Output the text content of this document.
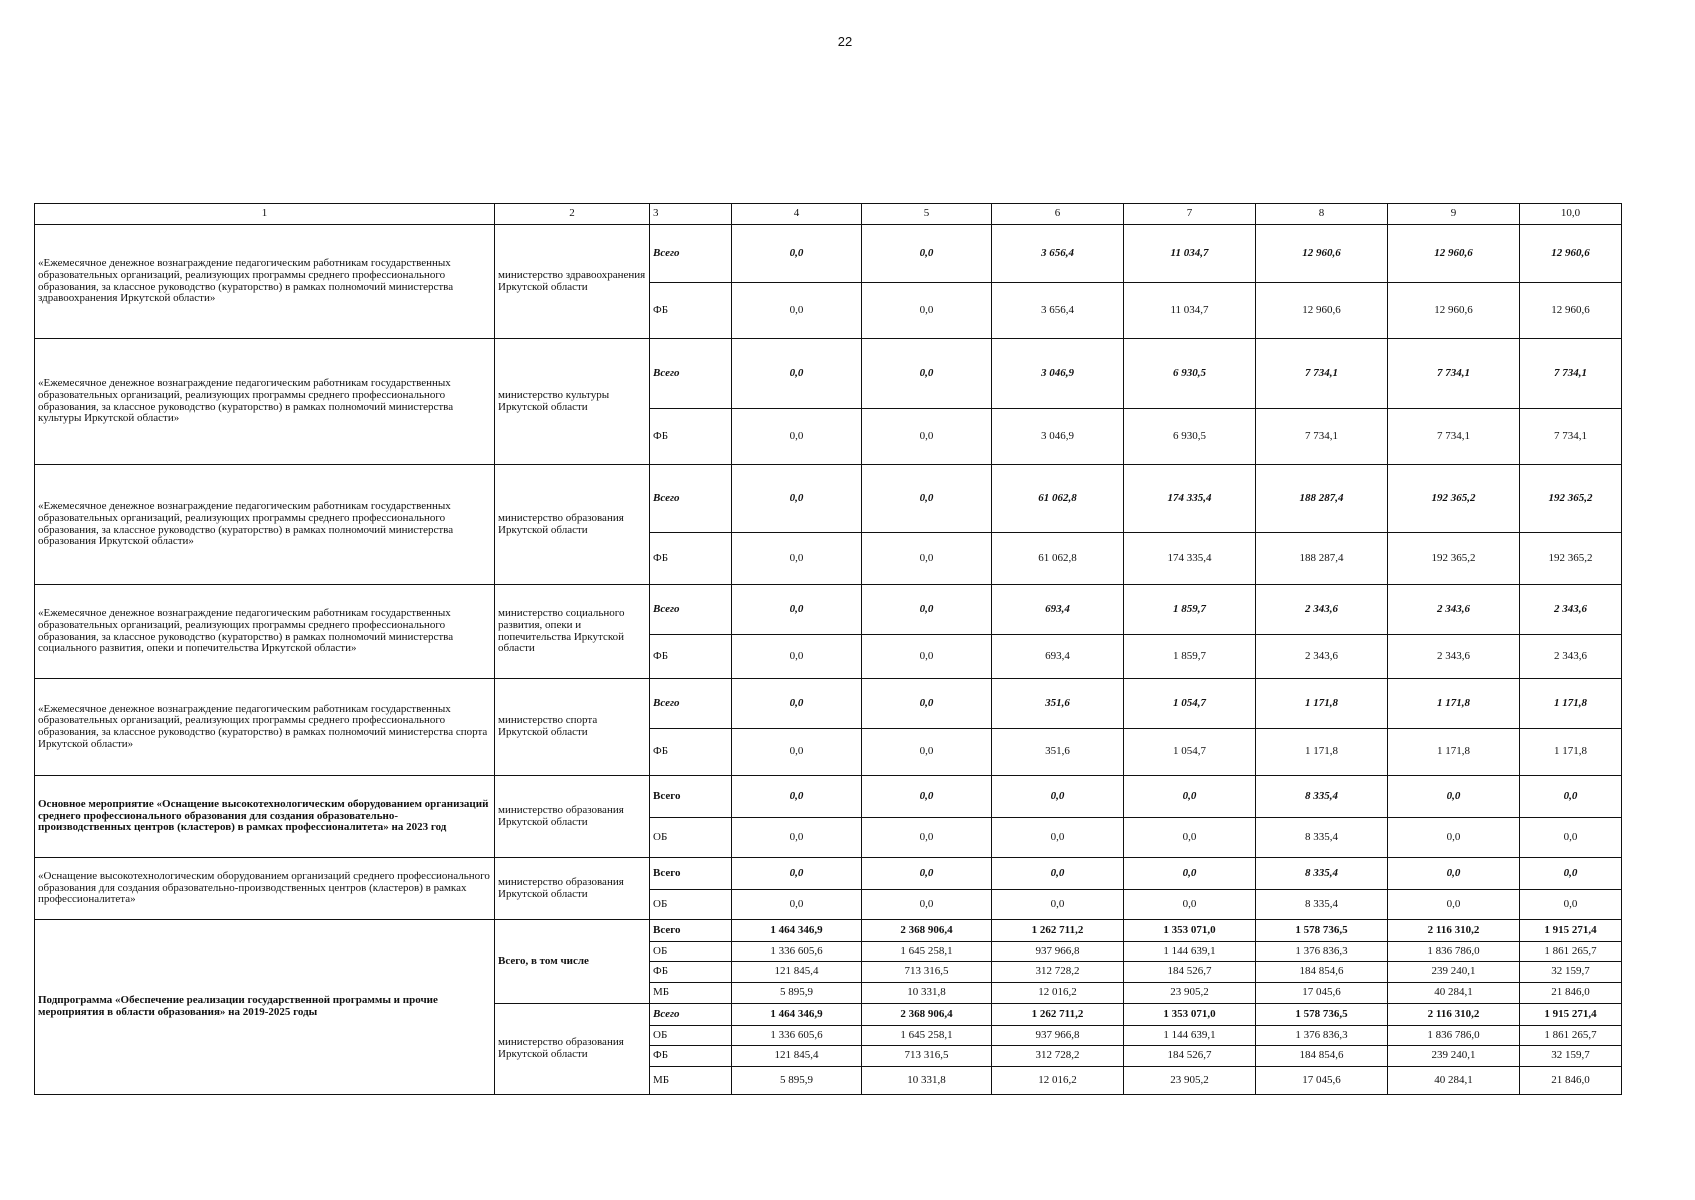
22
1	2	3	4	5	6	7	8	9	10,0
«Ежемесячное денежное вознаграждение педагогическим работникам государственных образовательных организаций, реализующих программы среднего профессионального образования, за классное руководство (кураторство) в рамках полномочий министерства здравоохранения Иркутской области»	министерство здравоохранения Иркутской области	Всего	0,0	0,0	3 656,4	11 034,7	12 960,6	12 960,6	12 960,6
		ФБ	0,0	0,0	3 656,4	11 034,7	12 960,6	12 960,6	12 960,6
«Ежемесячное денежное вознаграждение педагогическим работникам государственных образовательных организаций, реализующих программы среднего профессионального образования, за классное руководство (кураторство) в рамках полномочий министерства культуры Иркутской области»	министерство культуры Иркутской области	Всего	0,0	0,0	3 046,9	6 930,5	7 734,1	7 734,1	7 734,1
		ФБ	0,0	0,0	3 046,9	6 930,5	7 734,1	7 734,1	7 734,1
«Ежемесячное денежное вознаграждение педагогическим работникам государственных образовательных организаций, реализующих программы среднего профессионального образования, за классное руководство (кураторство) в рамках полномочий министерства образования Иркутской области»	министерство образования Иркутской области	Всего	0,0	0,0	61 062,8	174 335,4	188 287,4	192 365,2	192 365,2
		ФБ	0,0	0,0	61 062,8	174 335,4	188 287,4	192 365,2	192 365,2
«Ежемесячное денежное вознаграждение педагогическим работникам государственных образовательных организаций, реализующих программы среднего профессионального образования, за классное руководство (кураторство) в рамках полномочий министерства социального развития, опеки и попечительства Иркутской области»	министерство социального развития, опеки и попечительства Иркутской области	Всего	0,0	0,0	693,4	1 859,7	2 343,6	2 343,6	2 343,6
		ФБ	0,0	0,0	693,4	1 859,7	2 343,6	2 343,6	2 343,6
«Ежемесячное денежное вознаграждение педагогическим работникам государственных образовательных организаций, реализующих программы среднего профессионального образования, за классное руководство (кураторство) в рамках полномочий министерства спорта Иркутской области»	министерство спорта Иркутской области	Всего	0,0	0,0	351,6	1 054,7	1 171,8	1 171,8	1 171,8
		ФБ	0,0	0,0	351,6	1 054,7	1 171,8	1 171,8	1 171,8
Основное мероприятие «Оснащение высокотехнологическим оборудованием организаций среднего профессионального образования для создания образовательно-производственных центров (кластеров) в рамках профессионалитета» на 2023 год	министерство образования Иркутской области	Всего	0,0	0,0	0,0	0,0	8 335,4	0,0	0,0
		ОБ	0,0	0,0	0,0	0,0	8 335,4	0,0	0,0
«Оснащение высокотехнологическим оборудованием организаций среднего профессионального образования для создания образовательно-производственных центров (кластеров) в рамках профессионалитета»	министерство образования Иркутской области	Всего	0,0	0,0	0,0	0,0	8 335,4	0,0	0,0
		ОБ	0,0	0,0	0,0	0,0	8 335,4	0,0	0,0
Подпрограмма «Обеспечение реализации государственной программы и прочие мероприятия в области образования» на 2019-2025 годы	Всего, в том числе	Всего	1 464 346,9	2 368 906,4	1 262 711,2	1 353 071,0	1 578 736,5	2 116 310,2	1 915 271,4
		ОБ	1 336 605,6	1 645 258,1	937 966,8	1 144 639,1	1 376 836,3	1 836 786,0	1 861 265,7
		ФБ	121 845,4	713 316,5	312 728,2	184 526,7	184 854,6	239 240,1	32 159,7
		МБ	5 895,9	10 331,8	12 016,2	23 905,2	17 045,6	40 284,1	21 846,0
	министерство образования Иркутской области	Всего	1 464 346,9	2 368 906,4	1 262 711,2	1 353 071,0	1 578 736,5	2 116 310,2	1 915 271,4
		ОБ	1 336 605,6	1 645 258,1	937 966,8	1 144 639,1	1 376 836,3	1 836 786,0	1 861 265,7
		ФБ	121 845,4	713 316,5	312 728,2	184 526,7	184 854,6	239 240,1	32 159,7
		МБ	5 895,9	10 331,8	12 016,2	23 905,2	17 045,6	40 284,1	21 846,0
